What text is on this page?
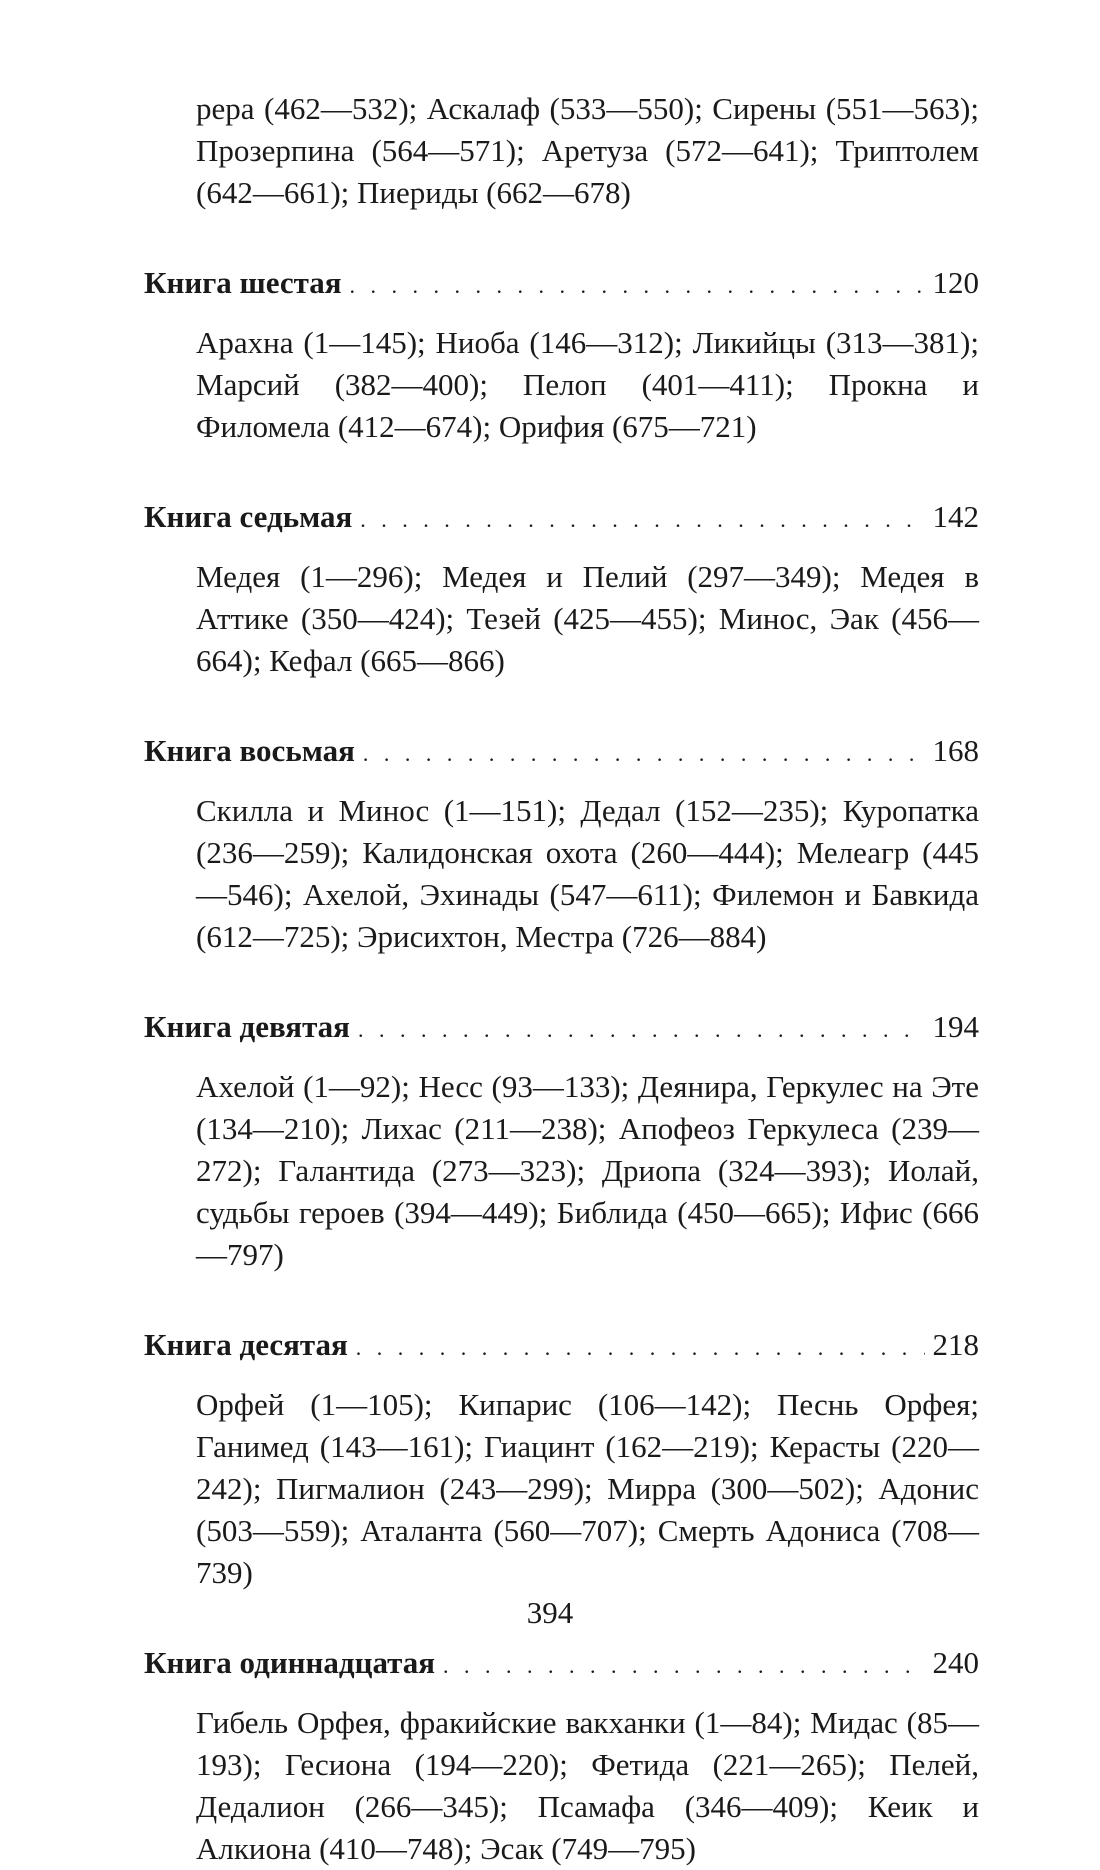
рера (462—532); Аскалаф (533—550); Сирены (551—563); Прозерпина (564—571); Аретуза (572—641); Триптолем (642—661); Пиериды (662—678)

Книга шестая . . .	120

Арахна (1—145); Ниоба (146—312); Ликийцы (313—381); Марсий (382—400); Пелоп (401—411); Прокна и Филомела (412—674); Орифия (675—721)

Книга седьмая . . .	142

Медея (1—296); Медея и Пелий (297—349); Медея в Аттике (350—424); Тезей (425—455); Минос, Эак (456—664); Кефал (665—866)

Книга восьмая . . .	168

Скилла и Минос (1—151); Дедал (152—235); Куропатка (236—259); Калидонская охота (260—444); Мелеагр (445—546); Ахелой, Эхинады (547—611); Филемон и Бавкида (612—725); Эрисихтон, Местра (726—884)

Книга девятая . . .	194

Ахелой (1—92); Несс (93—133); Деянира, Геркулес на Эте (134—210); Лихас (211—238); Апофеоз Геркулеса (239—272); Галантида (273—323); Дриопа (324—393); Иолай, судьбы героев (394—449); Библида (450—665); Ифис (666—797)

Книга десятая . . .	218

Орфей (1—105); Кипарис (106—142); Песнь Орфея; Ганимед (143—161); Гиацинт (162—219); Керасты (220—242); Пигмалион (243—299); Мирра (300—502); Адонис (503—559); Аталанта (560—707); Смерть Адониса (708—739)

Книга одиннадцатая . . .	240

Гибель Орфея, фракийские вакханки (1—84); Мидас (85—193); Гесиона (194—220); Фетида (221—265); Пелей, Дедалион (266—345); Псамафа (346—409); Кеик и Алкиона (410—748); Эсак (749—795)

394
